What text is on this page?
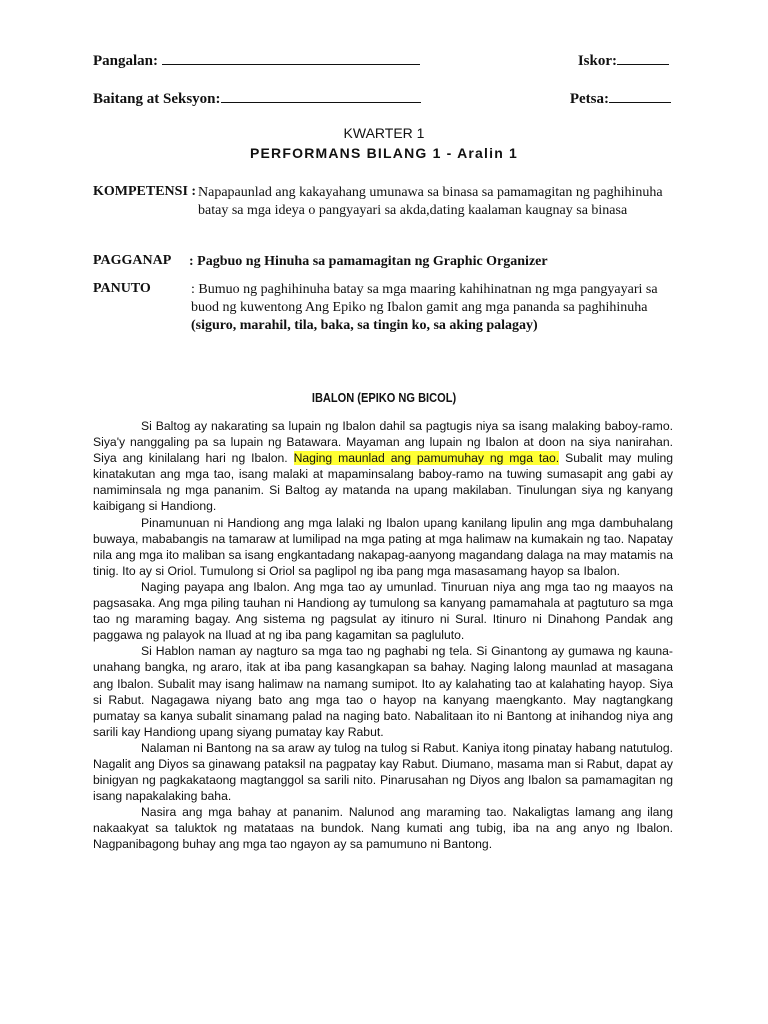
Pangalan:	Iskor:
Baitang at Seksyon:	Petsa:
KWARTER 1
PERFORMANS BILANG 1 - Aralin 1
KOMPETENSI : Napapaunlad ang kakayahang umunawa sa binasa sa pamamagitan ng paghihinuha batay sa mga ideya o pangyayari sa akda,dating kaalaman kaugnay sa binasa
PAGGANAP : Pagbuo ng Hinuha sa pamamagitan ng Graphic Organizer
PANUTO	: Bumuo ng paghihinuha batay sa mga maaring kahihinatnan ng mga pangyayari sa buod ng kuwentong Ang Epiko ng Ibalon gamit ang mga pananda sa paghihinuha (siguro, marahil, tila, baka, sa tingin ko, sa aking palagay)
IBALON (EPIKO NG BICOL)

Si Baltog ay nakarating sa lupain ng Ibalon dahil sa pagtugis niya sa isang malaking baboy-ramo. Siya'y nanggaling pa sa lupain ng Batawara. Mayaman ang lupain ng Ibalon at doon na siya nanirahan. Siya ang kinilalang hari ng Ibalon. Naging maunlad ang pamumuhay ng mga tao. Subalit may muling kinatakutan ang mga tao, isang malaki at mapaminsalang baboy-ramo na tuwing sumasapit ang gabi ay namiminsala ng mga pananim. Si Baltog ay matanda na upang makilaban. Tinulungan siya ng kanyang kaibigang si Handiong.

Pinamunuan ni Handiong ang mga lalaki ng Ibalon upang kanilang lipulin ang mga dambuhalang buwaya, mababangis na tamaraw at lumilipad na mga pating at mga halimaw na kumakain ng tao. Napatay nila ang mga ito maliban sa isang engkantadang nakapag-aanyong magandang dalaga na may matamis na tinig. Ito ay si Oriol. Tumulong si Oriol sa paglipol ng iba pang mga masasamang hayop sa Ibalon.

Naging payapa ang Ibalon. Ang mga tao ay umunlad. Tinuruan niya ang mga tao ng maayos na pagsasaka. Ang mga piling tauhan ni Handiong ay tumulong sa kanyang pamamahala at pagtuturo sa mga tao ng maraming bagay. Ang sistema ng pagsulat ay itinuro ni Sural. Itinuro ni Dinahong Pandak ang paggawa ng palayok na Iluad at ng iba pang kagamitan sa pagluluto.

Si Hablon naman ay nagturo sa mga tao ng paghabi ng tela. Si Ginantong ay gumawa ng kauna-unahang bangka, ng araro, itak at iba pang kasangkapan sa bahay. Naging lalong maunlad at masagana ang Ibalon. Subalit may isang halimaw na namang sumipot. Ito ay kalahating tao at kalahating hayop. Siya si Rabut. Nagagawa niyang bato ang mga tao o hayop na kanyang maengkanto. May nagtangkang pumatay sa kanya subalit sinamang palad na naging bato. Nabalitaan ito ni Bantong at inihandog niya ang sarili kay Handiong upang siyang pumatay kay Rabut.

Nalaman ni Bantong na sa araw ay tulog na tulog si Rabut. Kaniya itong pinatay habang natutulog. Nagalit ang Diyos sa ginawang pataksil na pagpatay kay Rabut. Diumano, masama man si Rabut, dapat ay binigyan ng pagkakataong magtanggol sa sarili nito. Pinarusahan ng Diyos ang Ibalon sa pamamagitan ng isang napakalaking baha.

Nasira ang mga bahay at pananim. Nalunod ang maraming tao. Nakaligtas lamang ang ilang nakaakyat sa taluktok ng matataas na bundok. Nang kumati ang tubig, iba na ang anyo ng Ibalon. Nagpanibagong buhay ang mga tao ngayon ay sa pamumuno ni Bantong.
